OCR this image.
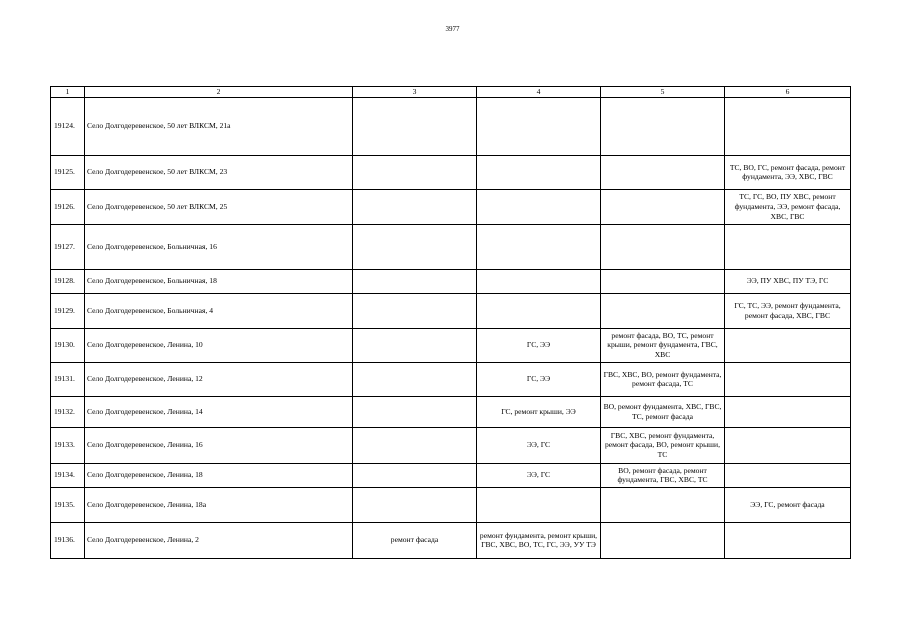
3977
1	2	3	4	5	6
19124.	Село Долгодеревенское, 50 лет ВЛКСМ, 21а				
19125.	Село Долгодеревенское, 50 лет ВЛКСМ, 23				ТС, ВО, ГС, ремонт фасада, ремонт фундамента, ЭЭ, ХВС, ГВС
19126.	Село Долгодеревенское, 50 лет ВЛКСМ, 25				ТС, ГС, ВО, ПУ ХВС, ремонт фундамента, ЭЭ, ремонт фасада, ХВС, ГВС
19127.	Село Долгодеревенское, Больничная, 16				
19128.	Село Долгодеревенское, Больничная, 18				ЭЭ, ПУ ХВС, ПУ ТЭ, ГС
19129.	Село Долгодеревенское, Больничная, 4				ГС, ТС, ЭЭ, ремонт фундамента, ремонт фасада, ХВС, ГВС
19130.	Село Долгодеревенское, Ленина, 10		ГС, ЭЭ	ремонт фасада, ВО, ТС, ремонт крыши, ремонт фундамента, ГВС, ХВС	
19131.	Село Долгодеревенское, Ленина, 12		ГС, ЭЭ	ГВС, ХВС, ВО, ремонт фундамента, ремонт фасада, ТС	
19132.	Село Долгодеревенское, Ленина, 14		ГС, ремонт крыши, ЭЭ	ВО, ремонт фундамента, ХВС, ГВС, ТС, ремонт фасада	
19133.	Село Долгодеревенское, Ленина, 16		ЭЭ, ГС	ГВС, ХВС, ремонт фундамента, ремонт фасада, ВО, ремонт крыши, ТС	
19134.	Село Долгодеревенское, Ленина, 18		ЭЭ, ГС	ВО, ремонт фасада, ремонт фундамента, ГВС, ХВС, ТС	
19135.	Село Долгодеревенское, Ленина, 18а				ЭЭ, ГС, ремонт фасада
19136.	Село Долгодеревенское, Ленина, 2	ремонт фасада	ремонт фундамента, ремонт крыши, ГВС, ХВС, ВО, ТС, ГС, ЭЭ, УУ ТЭ		
